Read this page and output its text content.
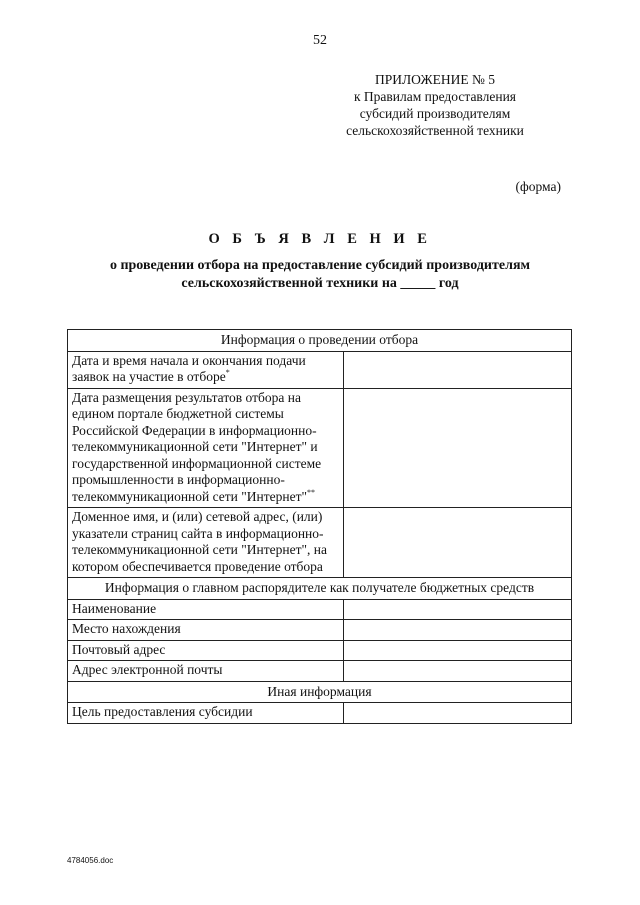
52
ПРИЛОЖЕНИЕ № 5
к Правилам предоставления
субсидий производителям
сельскохозяйственной техники
(форма)
О Б Ъ Я В Л Е Н И Е
о проведении отбора на предоставление субсидий производителям
сельскохозяйственной техники на _____ год
Информация о проведении отбора	
Дата и время начала и окончания подачи заявок на участие в отборе*	
Дата размещения результатов отбора на едином портале бюджетной системы Российской Федерации в информационно-телекоммуникационной сети "Интернет" и государственной информационной системе промышленности в информационно-телекоммуникационной сети "Интернет"**	
Доменное имя, и (или) сетевой адрес, (или) указатели страниц сайта в информационно-телекоммуникационной сети "Интернет", на котором обеспечивается проведение отбора	
Информация о главном распорядителе как получателе бюджетных средств	
Наименование	
Место нахождения	
Почтовый адрес	
Адрес электронной почты	
Иная информация	
Цель предоставления субсидии	
4784056.doc
